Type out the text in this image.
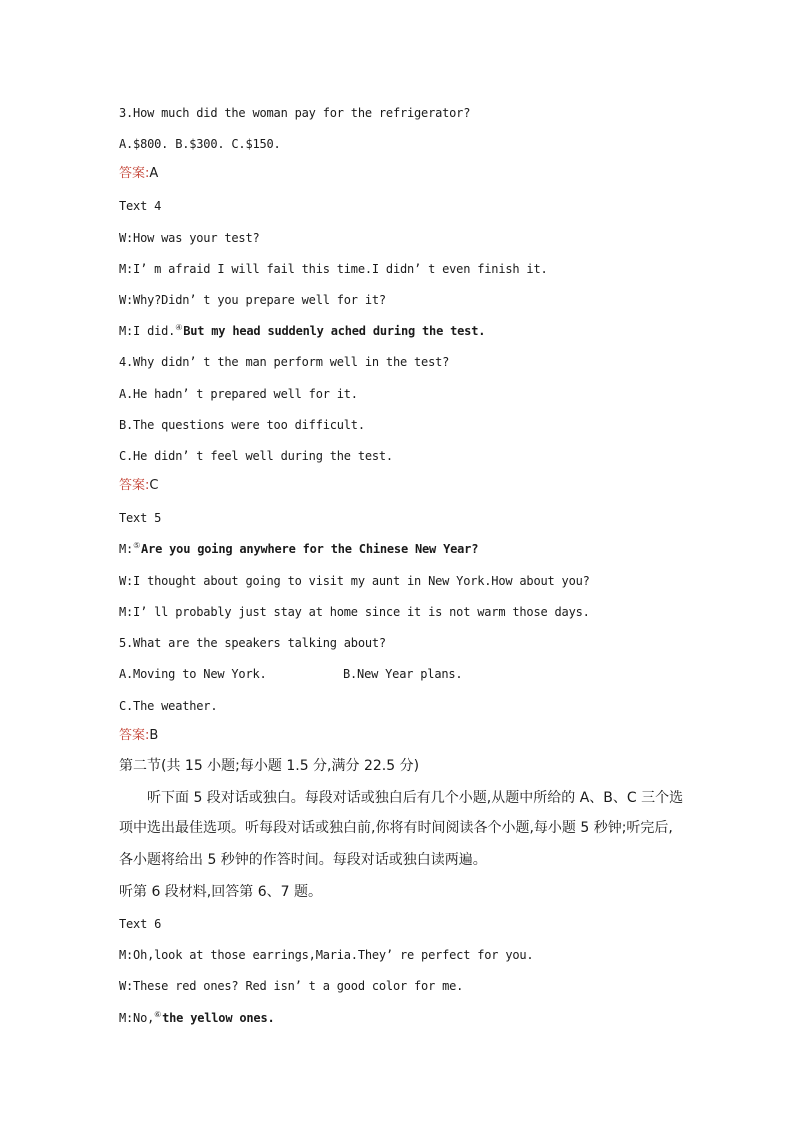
3.How much did the woman pay for the refrigerator?
A.$800. B.$300. C.$150.
答案:A
Text 4
W:How was your test?
M:I’ m afraid I will fail this time.I didn’ t even finish it.
W:Why?Didn’ t you prepare well for it?
M:I did.④But my head suddenly ached during the test.
4.Why didn’ t the man perform well in the test?
A.He hadn’ t prepared well for it.
B.The questions were too difficult.
C.He didn’ t feel well during the test.
答案:C
Text 5
M:⑤Are you going anywhere for the Chinese New Year?
W:I thought about going to visit my aunt in New York.How about you?
M:I’ ll probably just stay at home since it is not warm those days.
5.What are the speakers talking about?
A.Moving to New York.	B.New Year plans.
C.The weather.
答案:B
第二节(共 15 小题;每小题 1.5 分,满分 22.5 分)
听下面 5 段对话或独白。每段对话或独白后有几个小题,从题中所给的 A、B、C 三个选
项中选出最佳选项。听每段对话或独白前,你将有时间阅读各个小题,每小题 5 秒钟;听完后,
各小题将给出 5 秒钟的作答时间。每段对话或独白读两遍。
听第 6 段材料,回答第 6、7 题。
Text 6
M:Oh,look at those earrings,Maria.They’ re perfect for you.
W:These red ones? Red isn’ t a good color for me.
M:No,⑥the yellow ones.
